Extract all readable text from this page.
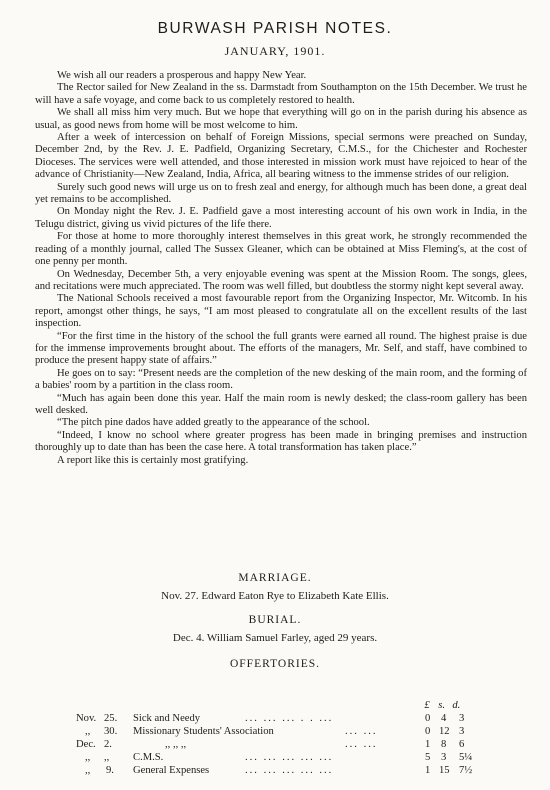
BURWASH PARISH NOTES.
JANUARY, 1901.

We wish all our readers a prosperous and happy New Year.

The Rector sailed for New Zealand in the ss. Darmstadt from Southampton on the 15th December. We trust he will have a safe voyage, and come back to us completely restored to health.

We shall all miss him very much. But we hope that everything will go on in the parish during his absence as usual, as good news from home will be most welcome to him.

After a week of intercession on behalf of Foreign Missions, special sermons were preached on Sunday, December 2nd, by the Rev. J. E. Padfield, Organizing Secretary, C.M.S., for the Chichester and Rochester Dioceses. The services were well attended, and those interested in mission work must have rejoiced to hear of the advance of Christianity—New Zealand, India, Africa, all bearing witness to the immense strides of our religion.

Surely such good news will urge us on to fresh zeal and energy, for although much has been done, a great deal yet remains to be accomplished.

On Monday night the Rev. J. E. Padfield gave a most interesting account of his own work in India, in the Telugu district, giving us vivid pictures of the life there.

For those at home to more thoroughly interest themselves in this great work, he strongly recommended the reading of a monthly journal, called The Sussex Gleaner, which can be obtained at Miss Fleming's, at the cost of one penny per month.

On Wednesday, December 5th, a very enjoyable evening was spent at the Mission Room. The songs, glees, and recitations were much appreciated. The room was well filled, but doubtless the stormy night kept several away.

The National Schools received a most favourable report from the Organizing Inspector, Mr. Witcomb. In his report, amongst other things, he says, “I am most pleased to congratulate all on the excellent results of the last inspection.

“For the first time in the history of the school the full grants were earned all round. The highest praise is due for the immense improvements brought about. The efforts of the managers, Mr. Self, and staff, have combined to produce the present happy state of affairs.”

He goes on to say: “Present needs are the completion of the new desking of the main room, and the forming of a babies' room by a partition in the class room.

“Much has again been done this year. Half the main room is newly desked; the class-room gallery has been well desked.

“The pitch pine dados have added greatly to the appearance of the school.

“Indeed, I know no school where greater progress has been made in bringing premises and instruction thoroughly up to date than has been the case here. A total transformation has taken place.”

A report like this is certainly most gratifying.

MARRIAGE.
Nov. 27. Edward Eaton Rye to Elizabeth Kate Ellis.
BURIAL.
Dec. 4. William Samuel Farley, aged 29 years.
OFFERTORIES.
£ s. d.
Nov. 25. Sick and Needy	... ... ... . . ...	0 4 3
,, 30. Missionary Students' Association	... ...	0 12 3
Dec. 2.	,, ,, ,,	... ...	1 8 6
,, ,, C.M.S.	... ... ... ... ...	5 3 5¼
,, 9. General Expenses	... ... ... ... ...	1 15 7½
